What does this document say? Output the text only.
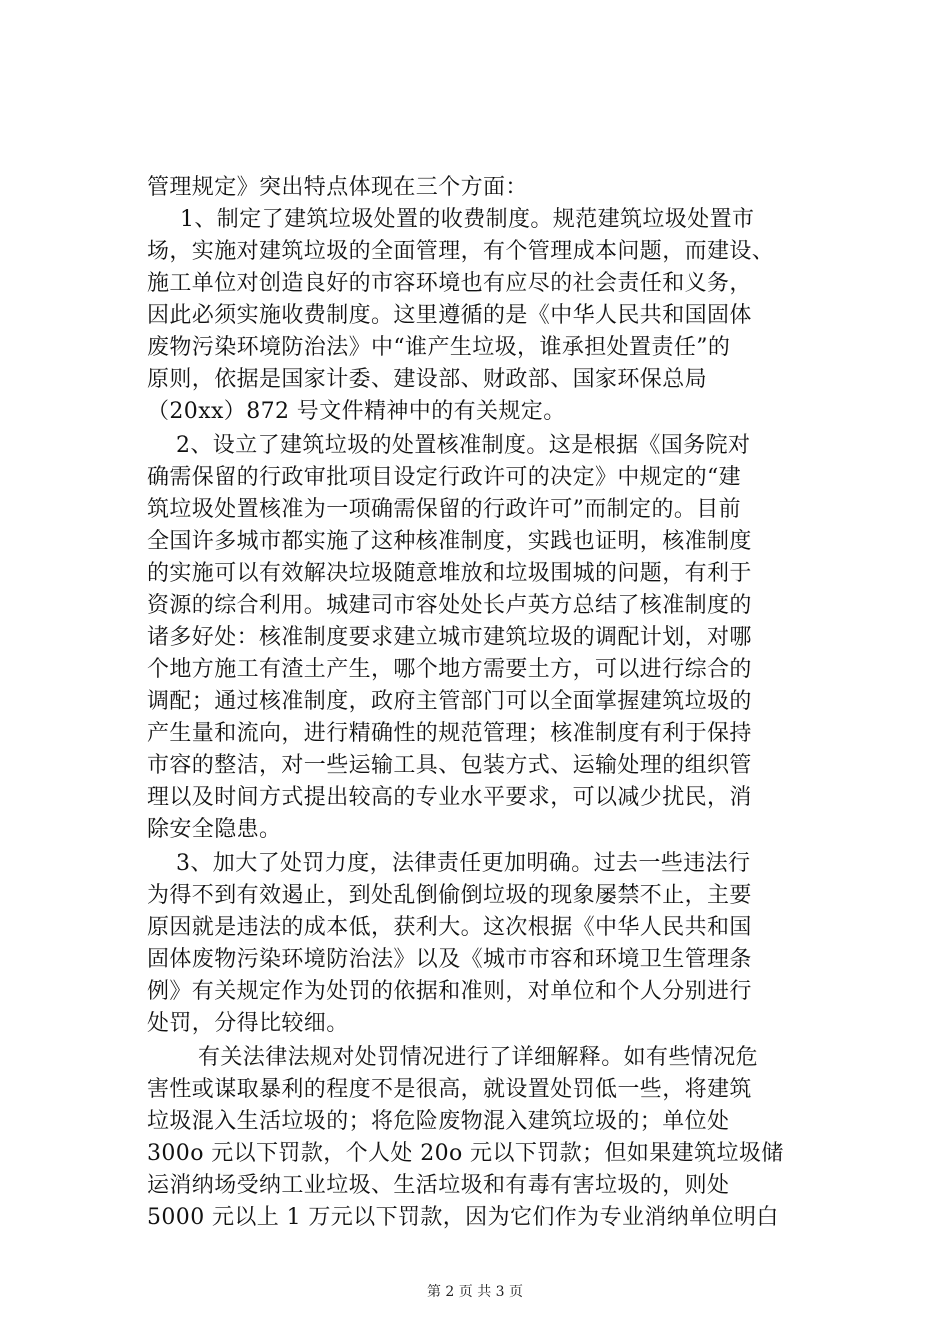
管理规定》突出特点体现在三个方面：
1、制定了建筑垃圾处置的收费制度。规范建筑垃圾处置市
场，实施对建筑垃圾的全面管理，有个管理成本问题，而建设、
施工单位对创造良好的市容环境也有应尽的社会责任和义务，
因此必须实施收费制度。这里遵循的是《中华人民共和国固体
废物污染环境防治法》中“谁产生垃圾，谁承担处置责任”的
原则，依据是国家计委、建设部、财政部、国家环保总局
（20xx）872 号文件精神中的有关规定。
2、设立了建筑垃圾的处置核准制度。这是根据《国务院对
确需保留的行政审批项目设定行政许可的决定》中规定的“建
筑垃圾处置核准为一项确需保留的行政许可”而制定的。目前
全国许多城市都实施了这种核准制度，实践也证明，核准制度
的实施可以有效解决垃圾随意堆放和垃圾围城的问题，有利于
资源的综合利用。城建司市容处处长卢英方总结了核准制度的
诸多好处：核准制度要求建立城市建筑垃圾的调配计划，对哪
个地方施工有渣土产生，哪个地方需要土方，可以进行综合的
调配；通过核准制度，政府主管部门可以全面掌握建筑垃圾的
产生量和流向，进行精确性的规范管理；核准制度有利于保持
市容的整洁，对一些运输工具、包装方式、运输处理的组织管
理以及时间方式提出较高的专业水平要求，可以减少扰民，消
除安全隐患。
3、加大了处罚力度，法律责任更加明确。过去一些违法行
为得不到有效遏止，到处乱倒偷倒垃圾的现象屡禁不止，主要
原因就是违法的成本低，获利大。这次根据《中华人民共和国
固体废物污染环境防治法》以及《城市市容和环境卫生管理条
例》有关规定作为处罚的依据和准则，对单位和个人分别进行
处罚，分得比较细。
有关法律法规对处罚情况进行了详细解释。如有些情况危
害性或谋取暴利的程度不是很高，就设置处罚低一些，将建筑
垃圾混入生活垃圾的；将危险废物混入建筑垃圾的；单位处
300o 元以下罚款，个人处 20o 元以下罚款；但如果建筑垃圾储
运消纳场受纳工业垃圾、生活垃圾和有毒有害垃圾的，则处
5000 元以上 1 万元以下罚款，因为它们作为专业消纳单位明白
第 2 页 共 3 页
